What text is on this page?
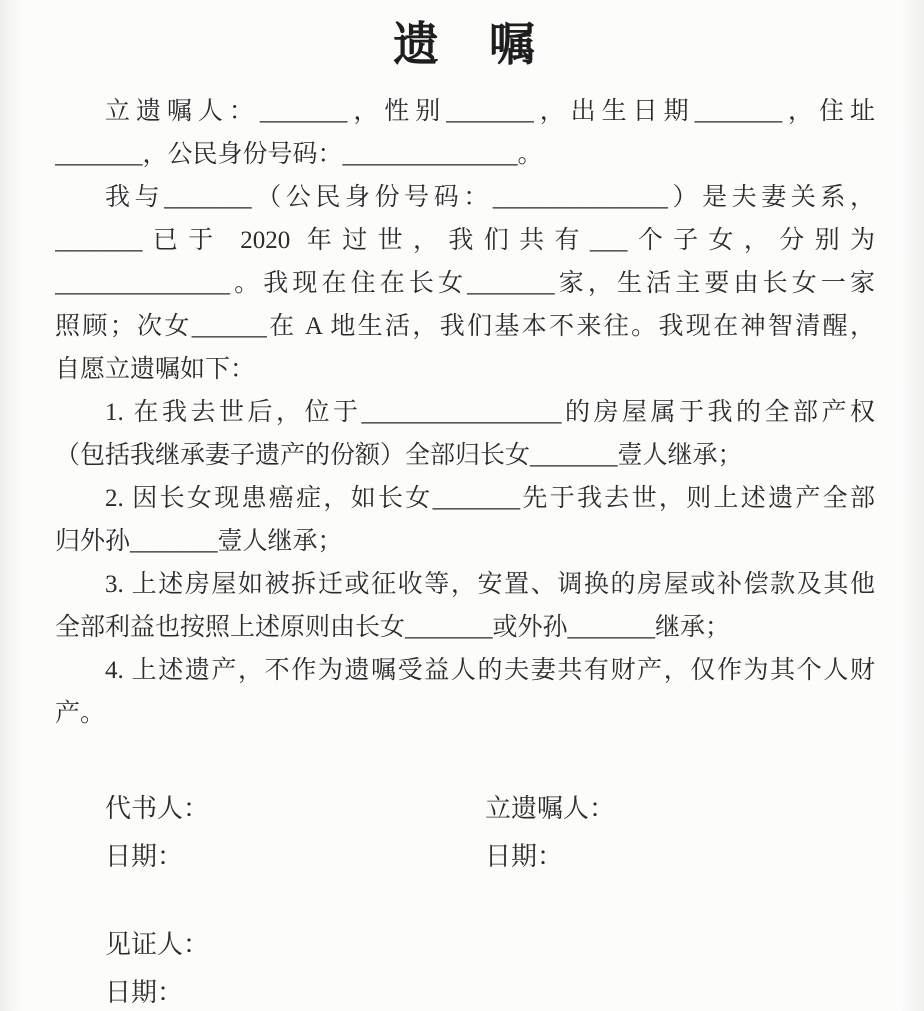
遗　嘱
立遗嘱人：_______，性别_______，出生日期_______，住址
_______，公民身份号码：______________。
我与_______（公民身份号码：______________）是夫妻关系，
_______已于 2020 年过世，我们共有___个子女，分别为
______________。我现在住在长女_______家，生活主要由长女一家
照顾；次女______在 A 地生活，我们基本不来往。我现在神智清醒，
自愿立遗嘱如下：
1. 在我去世后，位于________________的房屋属于我的全部产权
（包括我继承妻子遗产的份额）全部归长女_______壹人继承；
2. 因长女现患癌症，如长女_______先于我去世，则上述遗产全部
归外孙_______壹人继承；
3. 上述房屋如被拆迁或征收等，安置、调换的房屋或补偿款及其他
全部利益也按照上述原则由长女_______或外孙_______继承；
4. 上述遗产，不作为遗嘱受益人的夫妻共有财产，仅作为其个人财
产。
代书人：	立遗嘱人：
日期：	日期：
见证人：
日期：
